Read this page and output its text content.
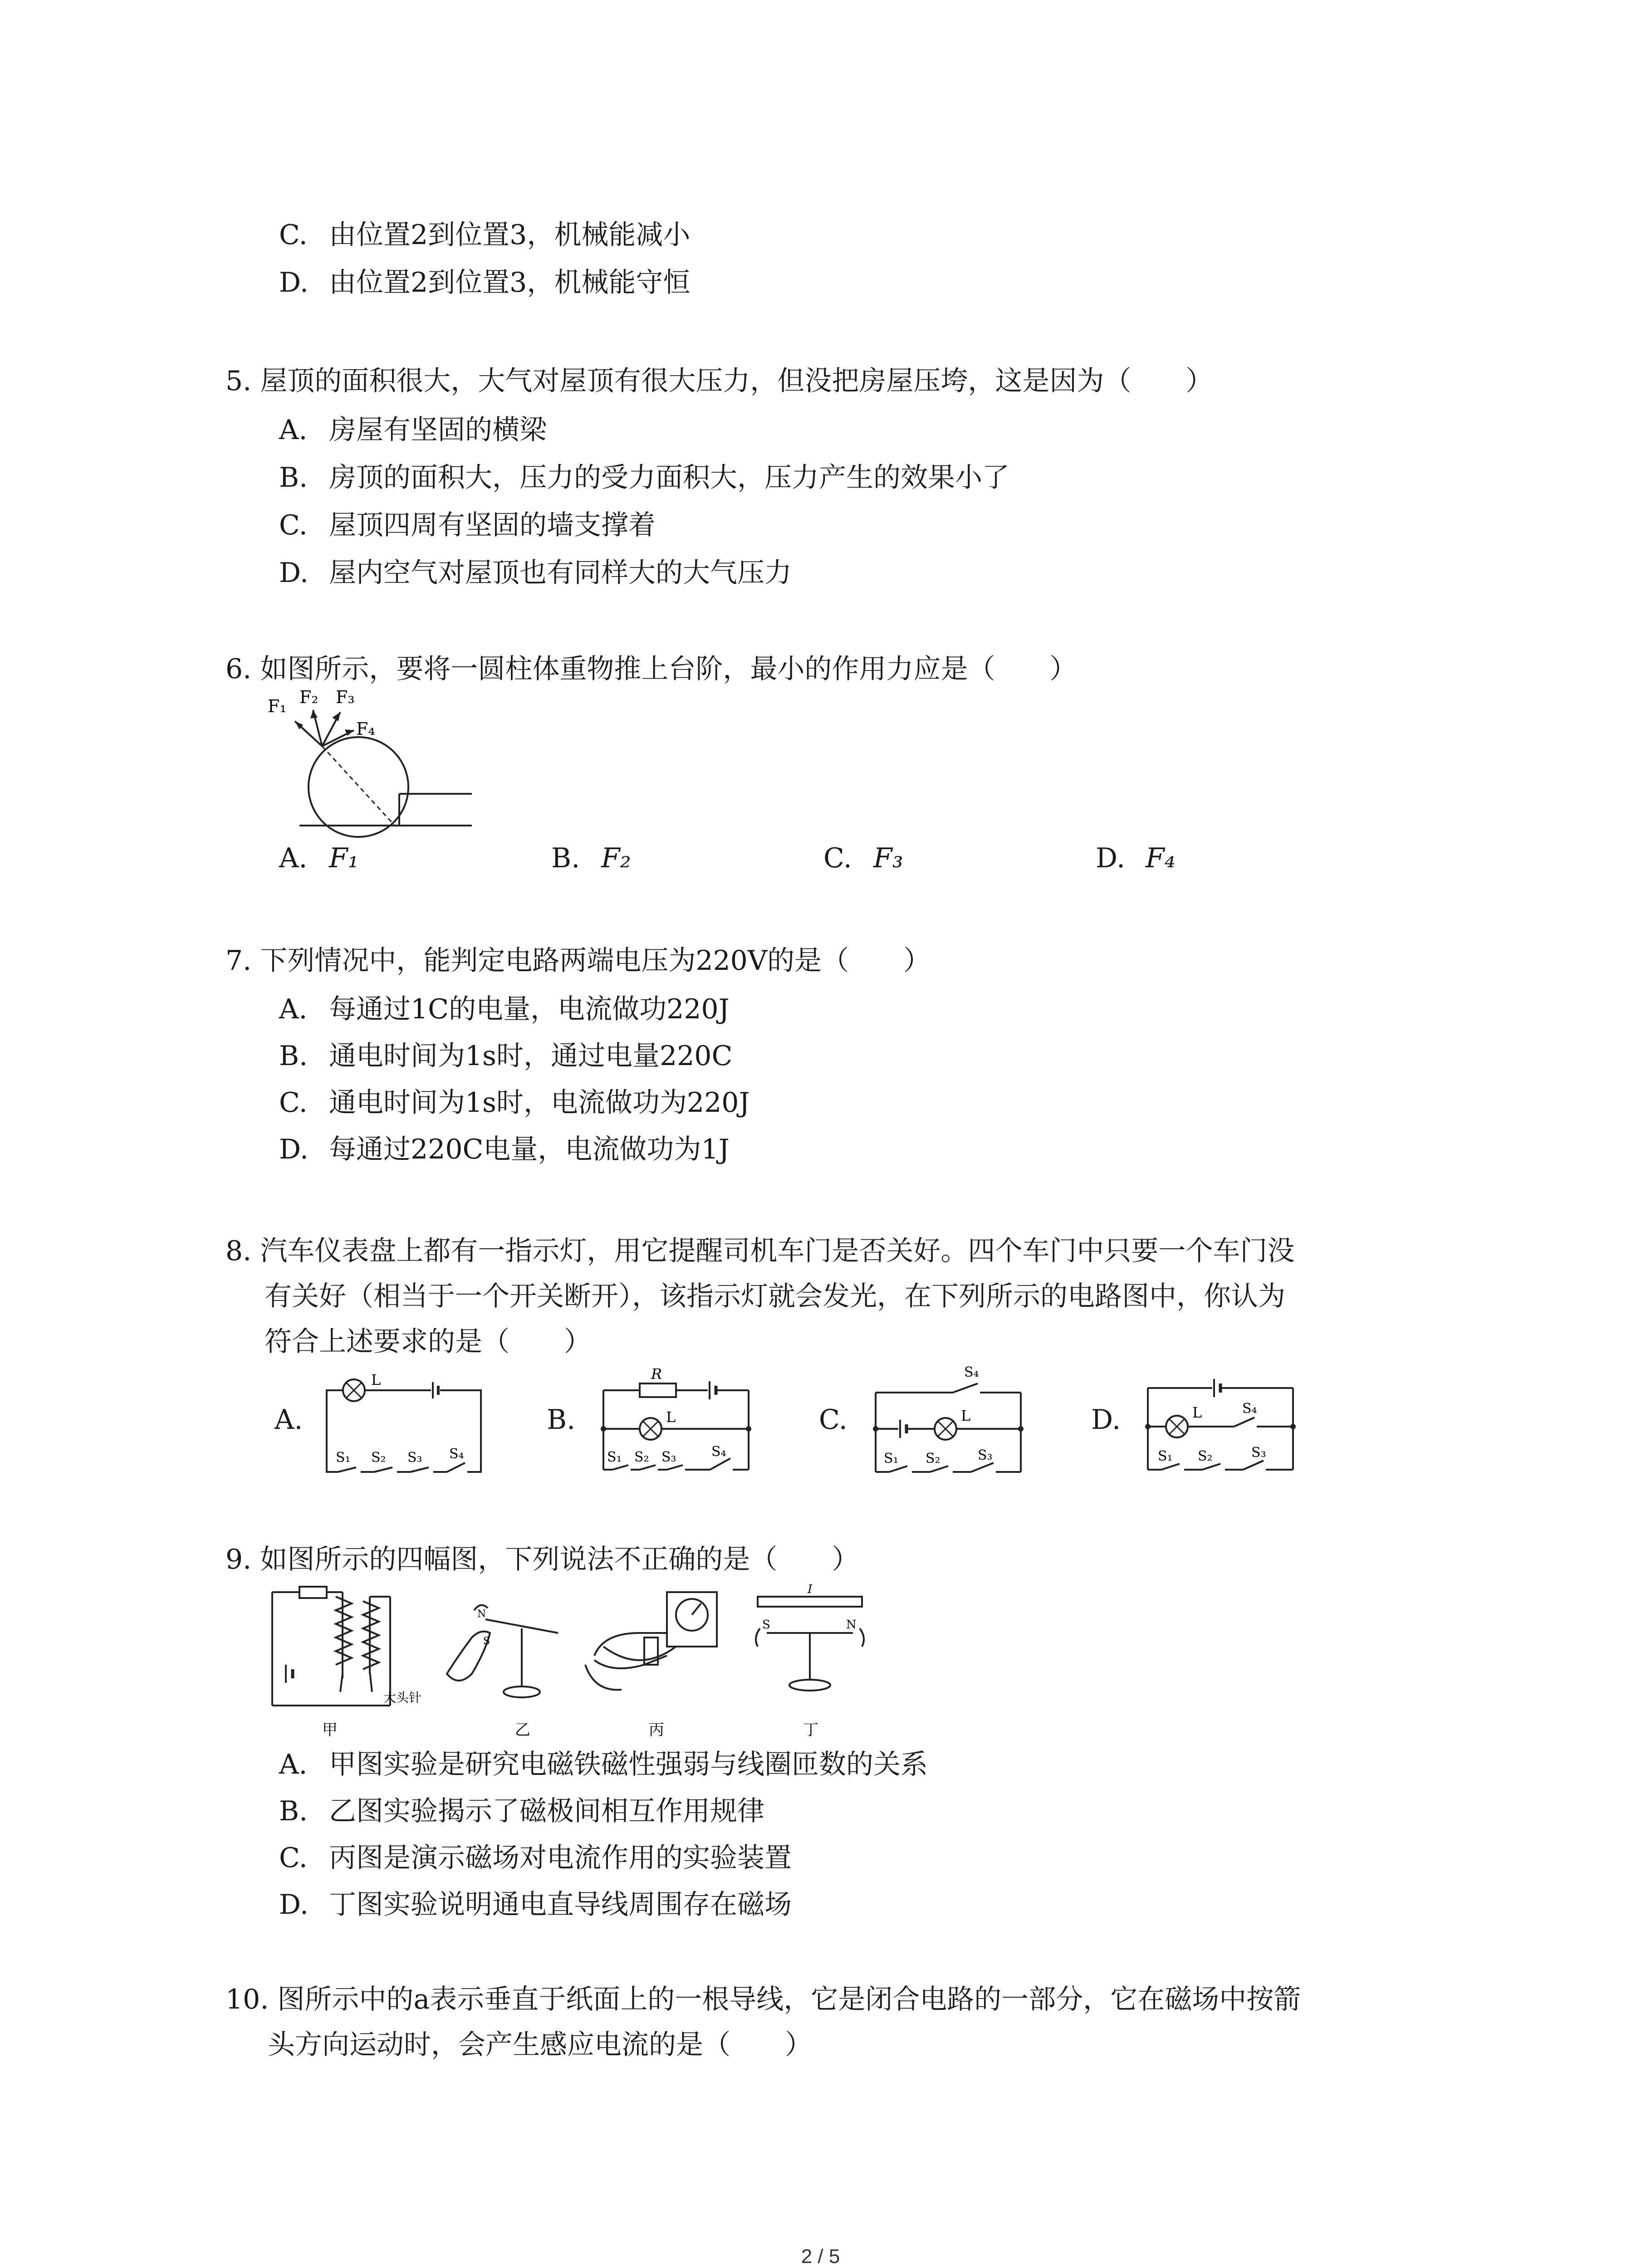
C. 由位置2到位置3，机械能减小
D. 由位置2到位置3，机械能守恒
5. 屋顶的面积很大，大气对屋顶有很大压力，但没把房屋压垮，这是因为（　　）
A. 房屋有坚固的横梁
B. 房顶的面积大，压力的受力面积大，压力产生的效果小了
C. 屋顶四周有坚固的墙支撑着
D. 屋内空气对屋顶也有同样大的大气压力
6. 如图所示，要将一圆柱体重物推上台阶，最小的作用力应是（　　）
F₁ F₂ F₃
F₄
A. F₁	B. F₂	C. F₃	D. F₄
7. 下列情况中，能判定电路两端电压为220V的是（　　）
A. 每通过1C的电量，电流做功220J
B. 通电时间为1s时，通过电量220C
C. 通电时间为1s时，电流做功为220J
D. 每通过220C电量，电流做功为1J
8. 汽车仪表盘上都有一指示灯，用它提醒司机车门是否关好。四个车门中只要一个车门没
有关好（相当于一个开关断开），该指示灯就会发光，在下列所示的电路图中，你认为
符合上述要求的是（　　）
A.
L
S₁ S₂ S₃ S₄
B.
R
L
S₁ S₂ S₃	S₄
C.
S₄
L
S₁ S₂	S₃
D.	L	S₄
S₁ S₂	S₃
9. 如图所示的四幅图，下列说法不正确的是（　　）
大头针
甲
N
S
乙	丙
I
S	N
丁
A. 甲图实验是研究电磁铁磁性强弱与线圈匝数的关系
B. 乙图实验揭示了磁极间相互作用规律
C. 丙图是演示磁场对电流作用的实验装置
D. 丁图实验说明通电直导线周围存在磁场
10. 图所示中的a表示垂直于纸面上的一根导线，它是闭合电路的一部分，它在磁场中按箭
头方向运动时，会产生感应电流的是（　　）
2 / 5
